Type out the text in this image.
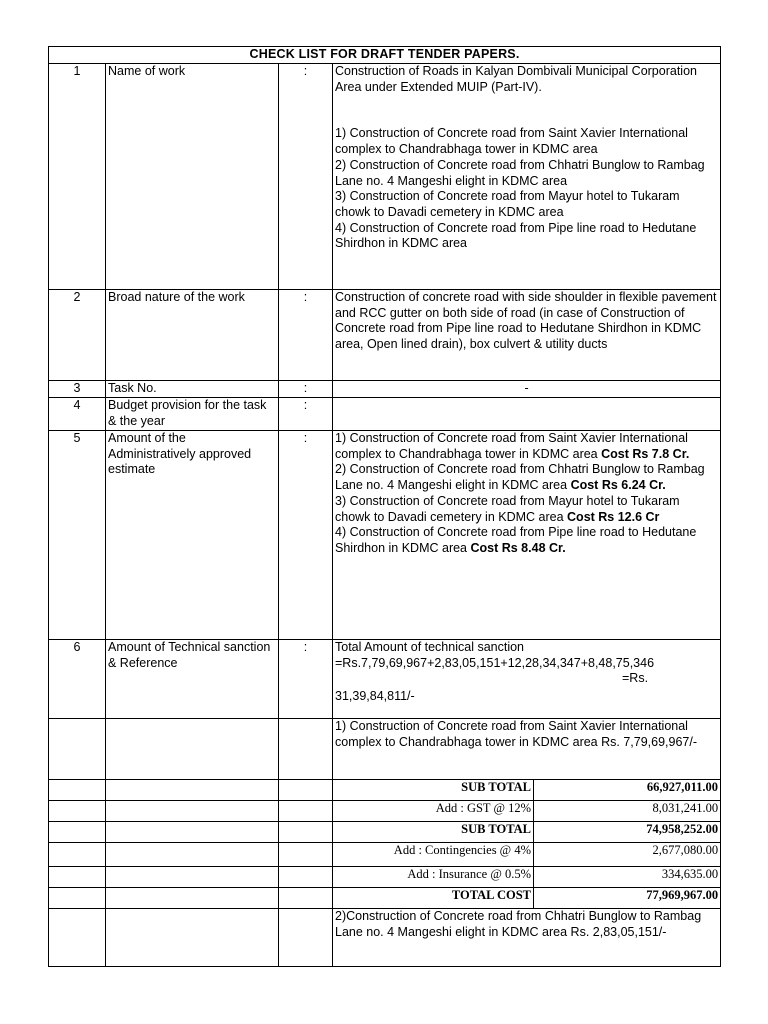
CHECK LIST FOR DRAFT TENDER PAPERS.				
1	Name of work	:	Construction of Roads in Kalyan Dombivali Municipal Corporation Area under Extended MUIP (Part-IV).
1) Construction of Concrete road from Saint Xavier International complex to Chandrabhaga tower in KDMC area
2) Construction of Concrete road from Chhatri Bunglow to Rambag Lane no. 4 Mangeshi elight in KDMC area
3) Construction of Concrete road from Mayur hotel to Tukaram chowk to Davadi cemetery in KDMC area
4) Construction of Concrete road from Pipe line road to Hedutane Shirdhon in KDMC area	

2	Broad nature of the work	:	Construction of concrete road with side shoulder in flexible pavement and RCC gutter on both side of road (in case of Construction of Concrete road from Pipe line road to Hedutane Shirdhon in KDMC area, Open lined drain), box culvert & utility ducts	
3	Task No.	:	-	
4	Budget provision for the task & the year	:		
5	Amount of the Administratively approved estimate	:	1) Construction of Concrete road from Saint Xavier International complex to Chandrabhaga tower in KDMC area Cost Rs 7.8 Cr.
2) Construction of Concrete road from Chhatri Bunglow to Rambag Lane no. 4 Mangeshi elight in KDMC area Cost Rs 6.24 Cr.
3) Construction of Concrete road from Mayur hotel to Tukaram chowk to Davadi cemetery in KDMC area Cost Rs 12.6 Cr
4) Construction of Concrete road from Pipe line road to Hedutane Shirdhon in KDMC area Cost Rs 8.48 Cr.	

6	Amount of Technical sanction & Reference	:	Total Amount of technical sanction
=Rs.7,79,69,967+2,83,05,151+12,28,34,347+8,48,75,346
=Rs.
31,39,84,811/-	

			1) Construction of Concrete road from Saint Xavier International complex to Chandrabhaga tower in KDMC area Rs. 7,79,69,967/-	
			SUB TOTAL	66,927,011.00
			Add : GST @ 12%	8,031,241.00
			SUB TOTAL	74,958,252.00
			Add : Contingencies @ 4%	2,677,080.00
			Add : Insurance @ 0.5%	334,635.00
			TOTAL COST	77,969,967.00
			2)Construction of Concrete road from Chhatri Bunglow to Rambag Lane no. 4 Mangeshi elight in KDMC area Rs. 2,83,05,151/-	
